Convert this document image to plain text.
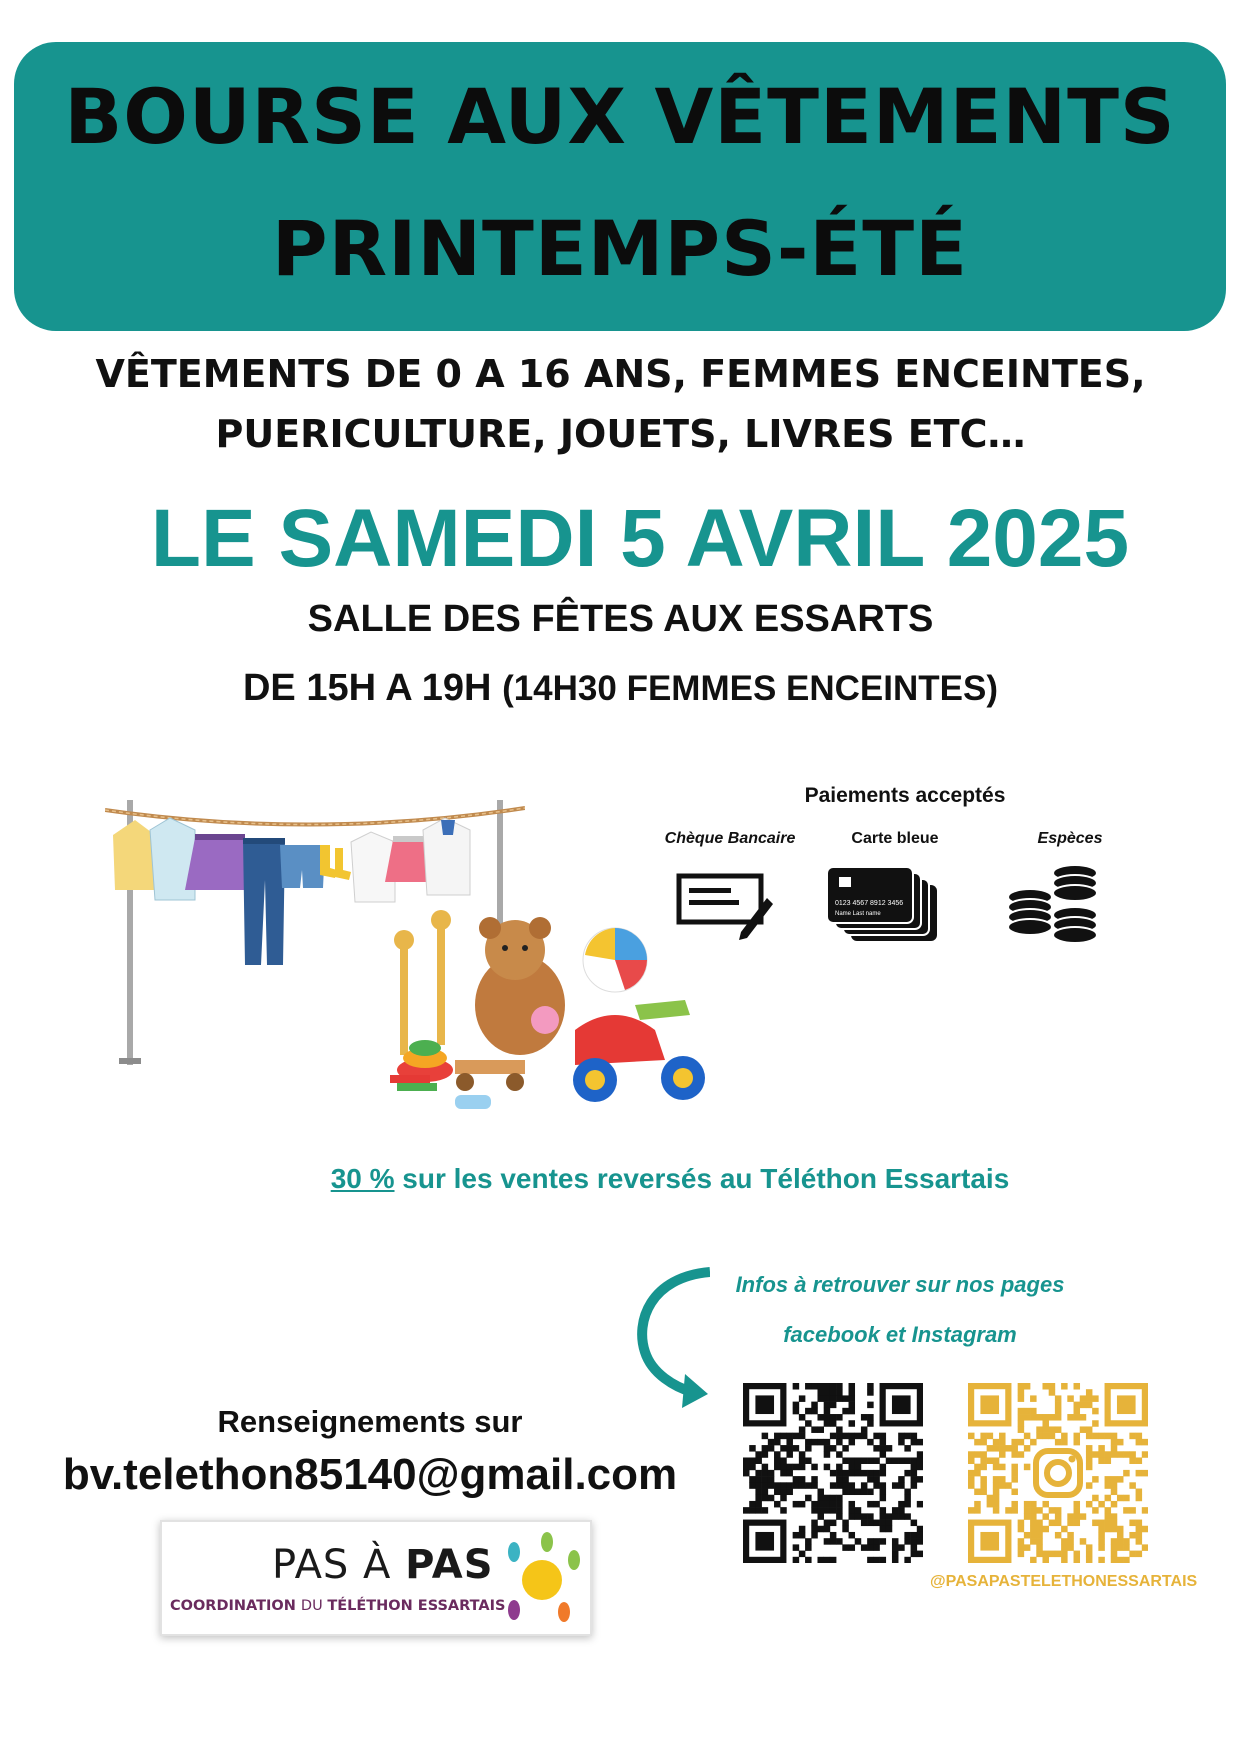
BOURSE AUX VÊTEMENTS
PRINTEMPS-ÉTÉ
VÊTEMENTS DE 0 A 16 ANS, FEMMES ENCEINTES,
PUERICULTURE, JOUETS, LIVRES ETC…
LE SAMEDI 5 AVRIL 2025
SALLE DES FÊTES AUX ESSARTS
DE 15H A 19H (14H30 FEMMES ENCEINTES)
Paiements acceptés
Chèque Bancaire	Carte bleue	Espèces
0123 4567 8912 3456
Name Last name
30 % sur les ventes reversés au Téléthon Essartais
Infos à retrouver sur nos pages
facebook et Instagram
@PASAPASTELETHONESSARTAIS
Renseignements sur
bv.telethon85140@gmail.com
PAS À PAS
COORDINATION DU TÉLÉTHON ESSARTAIS
